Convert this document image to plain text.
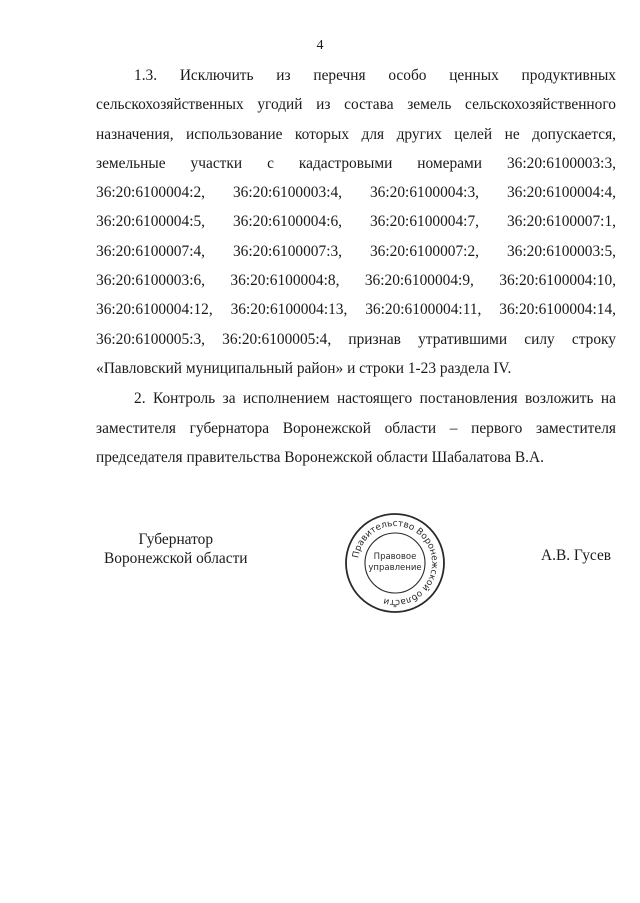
4

1.3. Исключить из перечня особо ценных продуктивных сельскохозяйственных угодий из состава земель сельскохозяйственного назначения, использование которых для других целей не допускается, земельные участки с кадастровыми номерами 36:20:6100003:3, 36:20:6100004:2, 36:20:6100003:4, 36:20:6100004:3, 36:20:6100004:4, 36:20:6100004:5, 36:20:6100004:6, 36:20:6100004:7, 36:20:6100007:1, 36:20:6100007:4, 36:20:6100007:3, 36:20:6100007:2, 36:20:6100003:5, 36:20:6100003:6, 36:20:6100004:8, 36:20:6100004:9, 36:20:6100004:10, 36:20:6100004:12, 36:20:6100004:13, 36:20:6100004:11, 36:20:6100004:14, 36:20:6100005:3, 36:20:6100005:4, признав утратившими силу строку «Павловский муниципальный район» и строки 1-23 раздела IV.

2. Контроль за исполнением настоящего постановления возложить на заместителя губернатора Воронежской области – первого заместителя председателя правительства Воронежской области Шабалатова В.А.

Губернатор
Воронежской области	Правительство Воронежской области
Правовое
управление
*
А.В. Гусев
